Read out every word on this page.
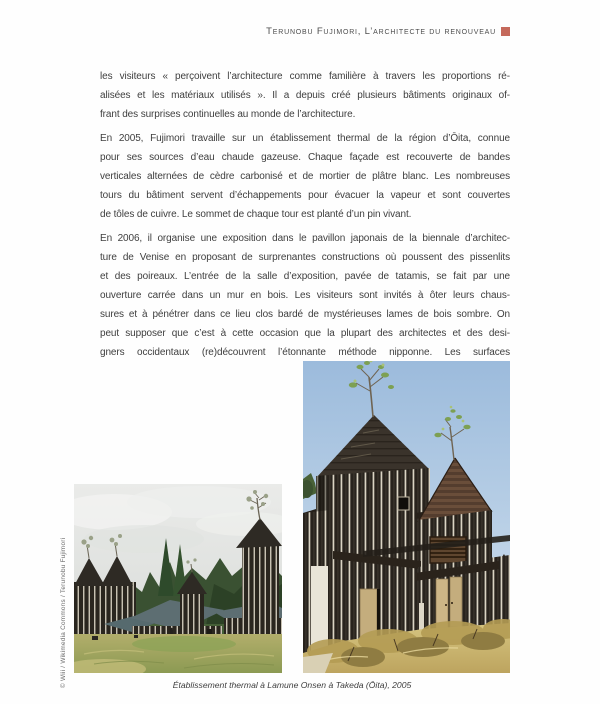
Terunobu Fujimori, L’architecte du renouveau
les visiteurs « perçoivent l’architecture comme familière à travers les proportions ré-
alisées et les matériaux utilisés ». Il a depuis créé plusieurs bâtiments originaux of-
frant des surprises continuelles au monde de l’architecture.
En 2005, Fujimori travaille sur un établissement thermal de la région d’Ōita, connue
pour ses sources d’eau chaude gazeuse. Chaque façade est recouverte de bandes
verticales alternées de cèdre carbonisé et de mortier de plâtre blanc. Les nombreuses
tours du bâtiment servent d’échappements pour évacuer la vapeur et sont couvertes
de tôles de cuivre. Le sommet de chaque tour est planté d’un pin vivant.
En 2006, il organise une exposition dans le pavillon japonais de la biennale d’architec-
ture de Venise en proposant de surprenantes constructions où poussent des pissenlits
et des poireaux. L’entrée de la salle d’exposition, pavée de tatamis, se fait par une
ouverture carrée dans un mur en bois. Les visiteurs sont invités à ôter leurs chaus-
sures et à pénétrer dans ce lieu clos bardé de mystérieuses lames de bois sombre. On
peut supposer que c’est à cette occasion que la plupart des architectes et des desi-
gners occidentaux (re)découvrent l’étonnante méthode nipponne. Les surfaces
© Wiii / Wikimedia Commons / Terunobu Fujimori	Établissement thermal à Lamune Onsen à Takeda (Ōita), 2005
